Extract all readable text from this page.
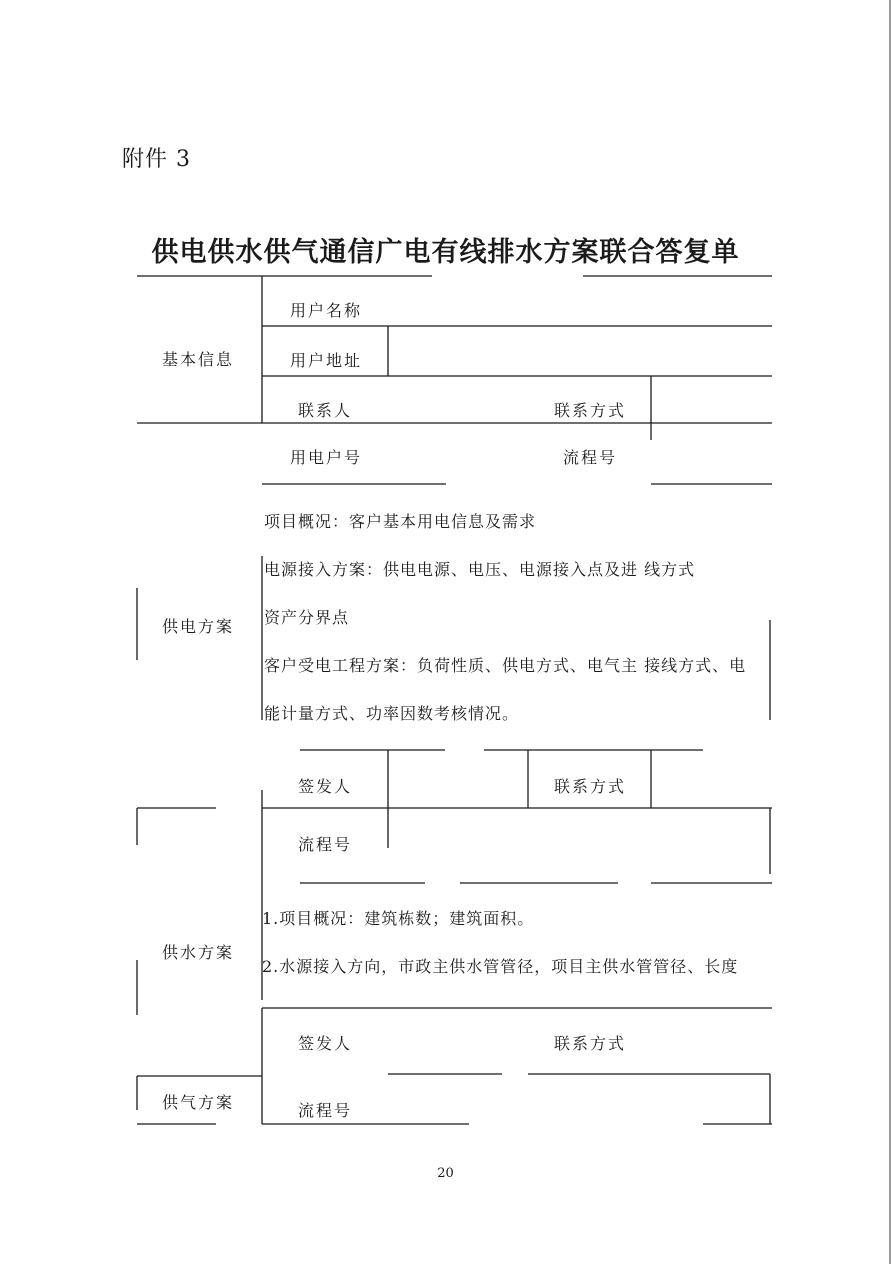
附件 3
供电供水供气通信广电有线排水方案联合答复单
基本信息
用户名称
用户地址
联系人	联系方式
用电户号	流程号
供电方案
项目概况：客户基本用电信息及需求
电源接入方案：供电电源、电压、电源接入点及进 线方式
资产分界点
客户受电工程方案：负荷性质、供电方式、电气主 接线方式、电
能计量方式、功率因数考核情况。
签发人	联系方式
流程号
供水方案
1.项目概况：建筑栋数；建筑面积。
2.水源接入方向，市政主供水管管径，项目主供水管管径、长度
签发人	联系方式
供气方案	流程号
20
